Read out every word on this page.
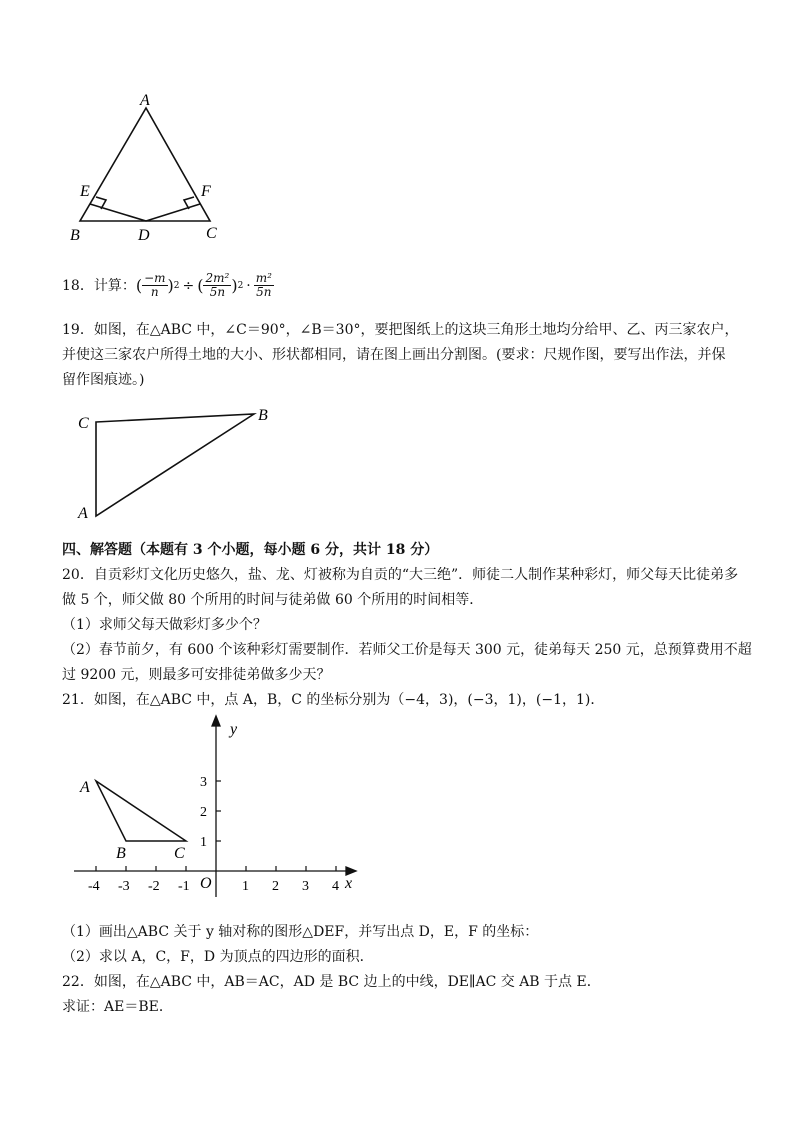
A
E	F
B	D	C
18．计算： ( $\frac{-m}{n}$ ) 2 ÷ ( $\frac{\text{2m²}}{5n}$ ) $2 \cdot \frac{\text{m²}}{5n}$
19．如图，在△ABC 中，∠C＝90°，∠B＝30°，要把图纸上的这块三角形土地均分给甲、乙、丙三家农户，
并使这三家农户所得土地的大小、形状都相同，请在图上画出分割图。(要求：尺规作图，要写出作法，并保
留作图痕迹。)
C	B
A
四、解答题（本题有 3 个小题，每小题 6 分，共计 18 分）
20．自贡彩灯文化历史悠久，盐、龙、灯被称为自贡的“大三绝”．师徒二人制作某种彩灯，师父每天比徒弟多
做 5 个，师父做 80 个所用的时间与徒弟做 60 个所用的时间相等．
（1）求师父每天做彩灯多少个？
（2）春节前夕，有 600 个该种彩灯需要制作．若师父工价是每天 300 元，徒弟每天 250 元，总预算费用不超
过 9200 元，则最多可安排徒弟做多少天？
21．如图，在△ABC 中，点 A，B，C 的坐标分别为（−4，3)，(−3，1)，(−1，1)．
-4 -3 -2 -1	1 2 3 4
3
2
1
y
x
O
A
B	C
（1）画出△ABC 关于 y 轴对称的图形△DEF，并写出点 D，E，F 的坐标：
（2）求以 A，C，F，D 为顶点的四边形的面积．
22．如图，在△ABC 中，AB＝AC，AD 是 BC 边上的中线，DE∥AC 交 AB 于点 E．
求证：AE＝BE．
